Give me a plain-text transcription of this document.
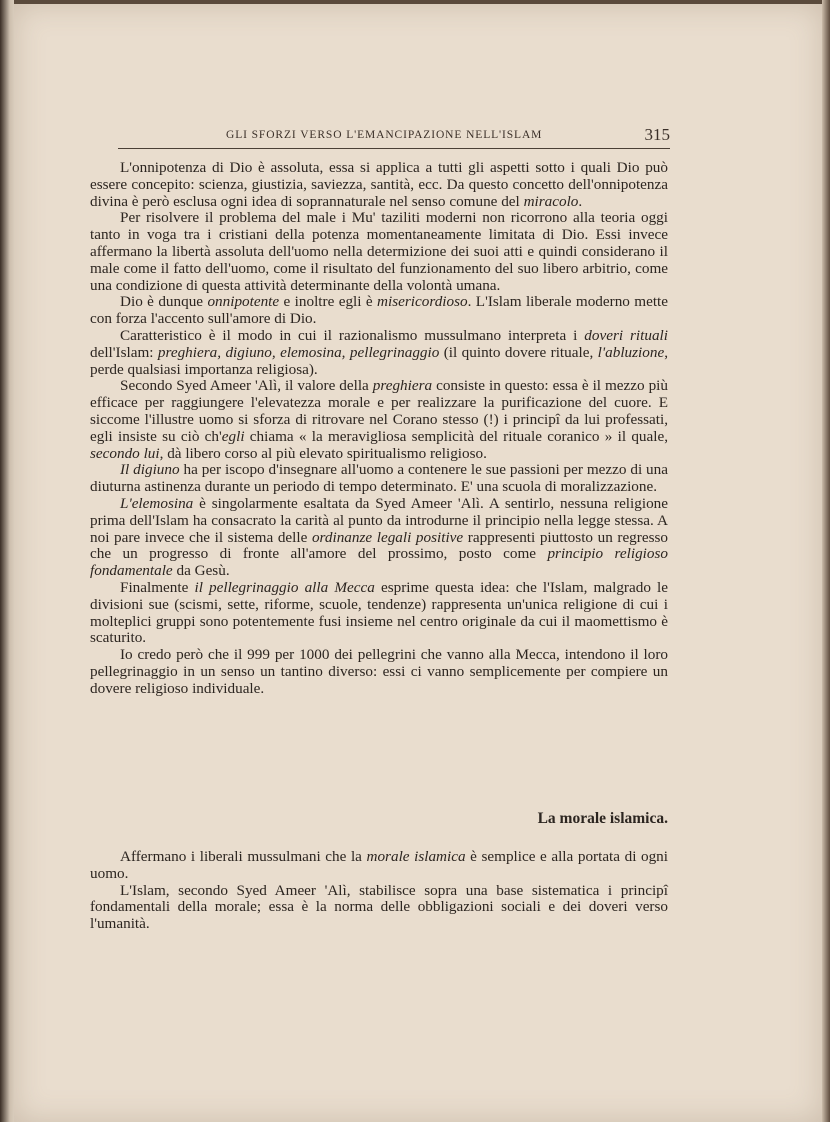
GLI SFORZI VERSO L'EMANCIPAZIONE NELL'ISLAM	315

L'onnipotenza di Dio è assoluta, essa si applica a tutti gli aspetti sotto i quali Dio può essere concepito: scienza, giustizia, saviezza, santità, ecc. Da questo concetto dell'onnipotenza divina è però esclusa ogni idea di soprannaturale nel senso comune del miracolo.

Per risolvere il problema del male i Mu' taziliti moderni non ricorrono alla teoria oggi tanto in voga tra i cristiani della potenza momentaneamente limitata di Dio. Essi invece affermano la libertà assoluta dell'uomo nella determizione dei suoi atti e quindi considerano il male come il fatto dell'uomo, come il risultato del funzionamento del suo libero arbitrio, come una condizione di questa attività determinante della volontà umana.

Dio è dunque onnipotente e inoltre egli è misericordioso. L'Islam liberale moderno mette con forza l'accento sull'amore di Dio.

Caratteristico è il modo in cui il razionalismo mussulmano interpreta i doveri rituali dell'Islam: preghiera, digiuno, elemosina, pellegrinaggio (il quinto dovere rituale, l'abluzione, perde qualsiasi importanza religiosa).

Secondo Syed Ameer 'Alì, il valore della preghiera consiste in questo: essa è il mezzo più efficace per raggiungere l'elevatezza morale e per realizzare la purificazione del cuore. E siccome l'illustre uomo si sforza di ritrovare nel Corano stesso (!) i principî da lui professati, egli insiste su ciò ch'egli chiama « la meravigliosa semplicità del rituale coranico » il quale, secondo lui, dà libero corso al più elevato spiritualismo religioso.

Il digiuno ha per iscopo d'insegnare all'uomo a contenere le sue passioni per mezzo di una diuturna astinenza durante un periodo di tempo determinato. E' una scuola di moralizzazione.

L'elemosina è singolarmente esaltata da Syed Ameer 'Alì. A sentirlo, nessuna religione prima dell'Islam ha consacrato la carità al punto da introdurne il principio nella legge stessa. A noi pare invece che il sistema delle ordinanze legali positive rappresenti piuttosto un regresso che un progresso di fronte all'amore del prossimo, posto come principio religioso fondamentale da Gesù.

Finalmente il pellegrinaggio alla Mecca esprime questa idea: che l'Islam, malgrado le divisioni sue (scismi, sette, riforme, scuole, tendenze) rappresenta un'unica religione di cui i molteplici gruppi sono potentemente fusi insieme nel centro originale da cui il maomettismo è scaturito.

Io credo però che il 999 per 1000 dei pellegrini che vanno alla Mecca, intendono il loro pellegrinaggio in un senso un tantino diverso: essi ci vanno semplicemente per compiere un dovere religioso individuale.

La morale islamica.

Affermano i liberali mussulmani che la morale islamica è semplice e alla portata di ogni uomo.

L'Islam, secondo Syed Ameer 'Alì, stabilisce sopra una base sistematica i principî fondamentali della morale; essa è la norma delle obbligazioni sociali e dei doveri verso l'umanità.
